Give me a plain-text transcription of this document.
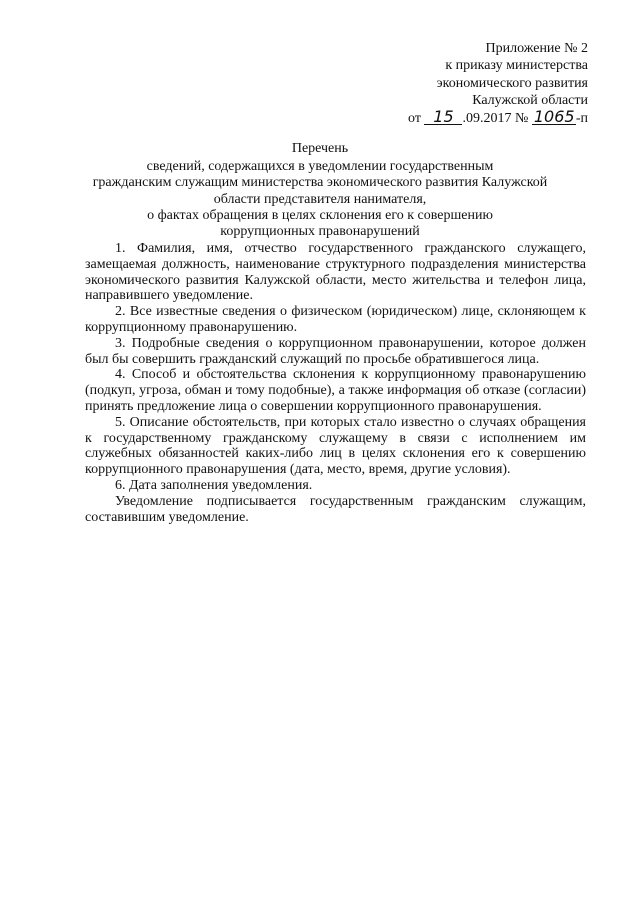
Приложение № 2
к приказу министерства
экономического развития
Калужской области
от 15 .09.2017 № 1065-п
Перечень
сведений, содержащихся в уведомлении государственным
гражданским служащим министерства экономического развития Калужской
области представителя нанимателя,
о фактах обращения в целях склонения его к совершению
коррупционных правонарушений

1. Фамилия, имя, отчество государственного гражданского служащего, замещаемая должность, наименование структурного подразделения министерства экономического развития Калужской области, место жительства и телефон лица, направившего уведомление.

2. Все известные сведения о физическом (юридическом) лице, склоняющем к коррупционному правонарушению.

3. Подробные сведения о коррупционном правонарушении, которое должен был бы совершить гражданский служащий по просьбе обратившегося лица.

4. Способ и обстоятельства склонения к коррупционному правонарушению (подкуп, угроза, обман и тому подобные), а также информация об отказе (согласии) принять предложение лица о совершении коррупционного правонарушения.

5. Описание обстоятельств, при которых стало известно о случаях обращения к государственному гражданскому служащему в связи с исполнением им служебных обязанностей каких-либо лиц в целях склонения его к совершению коррупционного правонарушения (дата, место, время, другие условия).

6. Дата заполнения уведомления.

Уведомление подписывается государственным гражданским служащим, составившим уведомление.
